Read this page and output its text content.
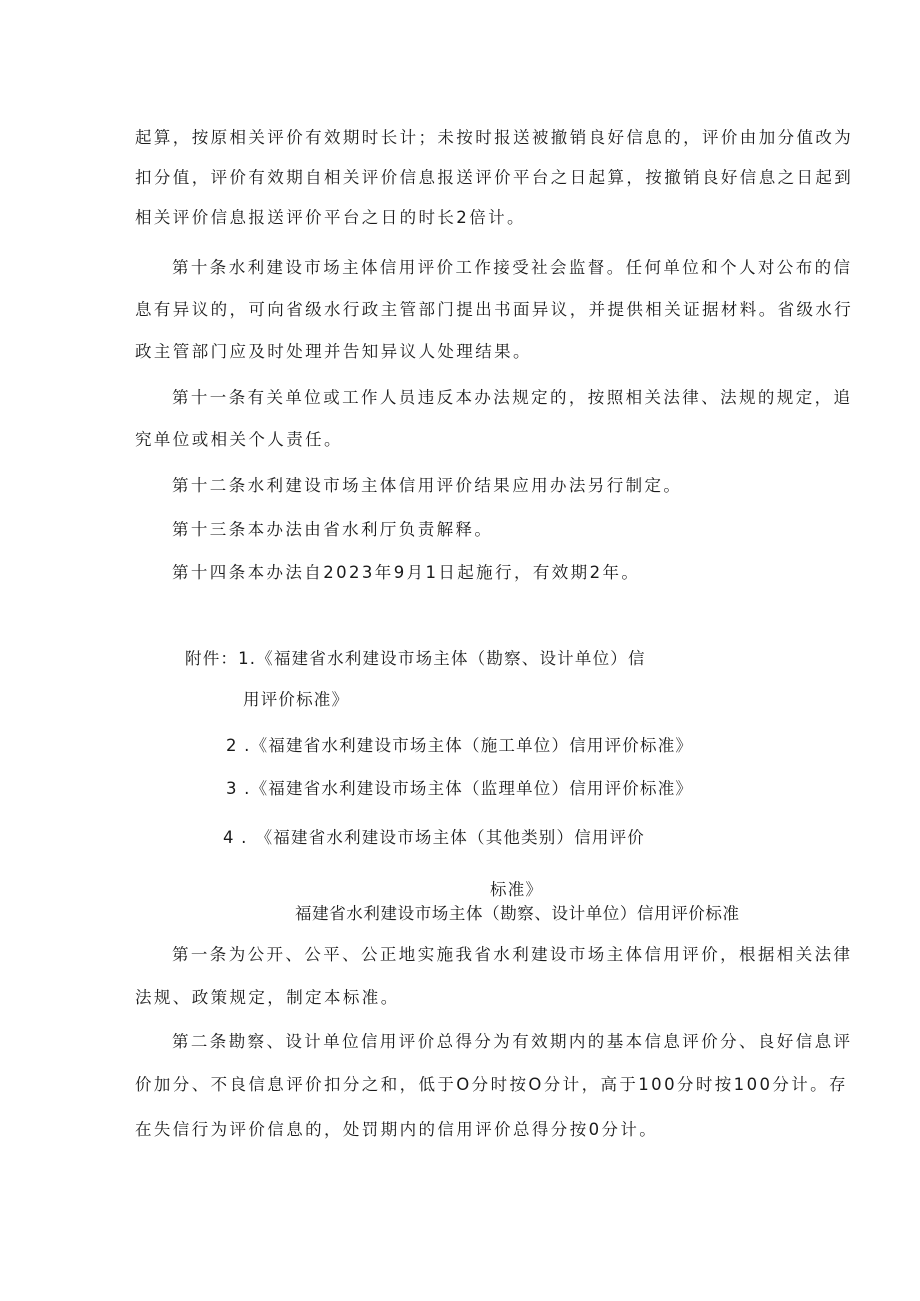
起算，按原相关评价有效期时长计；未按时报送被撤销良好信息的，评价由加分值改为
扣分值，评价有效期自相关评价信息报送评价平台之日起算，按撤销良好信息之日起到
相关评价信息报送评价平台之日的时长2倍计。
第十条水利建设市场主体信用评价工作接受社会监督。任何单位和个人对公布的信
息有异议的，可向省级水行政主管部门提出书面异议，并提供相关证据材料。省级水行
政主管部门应及时处理并告知异议人处理结果。
第十一条有关单位或工作人员违反本办法规定的，按照相关法律、法规的规定，追
究单位或相关个人责任。
第十二条水利建设市场主体信用评价结果应用办法另行制定。
第十三条本办法由省水利厅负责解释。
第十四条本办法自2023年9月1日起施行，有效期2年。
附件：1.《福建省水利建设市场主体（勘察、设计单位）信
用评价标准》
2 .《福建省水利建设市场主体（施工单位）信用评价标准》
3 .《福建省水利建设市场主体（监理单位）信用评价标准》
4 . 《福建省水利建设市场主体（其他类别）信用评价
标准》
福建省水利建设市场主体（勘察、设计单位）信用评价标准
第一条为公开、公平、公正地实施我省水利建设市场主体信用评价，根据相关法律
法规、政策规定，制定本标准。
第二条勘察、设计单位信用评价总得分为有效期内的基本信息评价分、良好信息评
价加分、不良信息评价扣分之和，低于O分时按O分计，高于100分时按100分计。存
在失信行为评价信息的，处罚期内的信用评价总得分按0分计。
